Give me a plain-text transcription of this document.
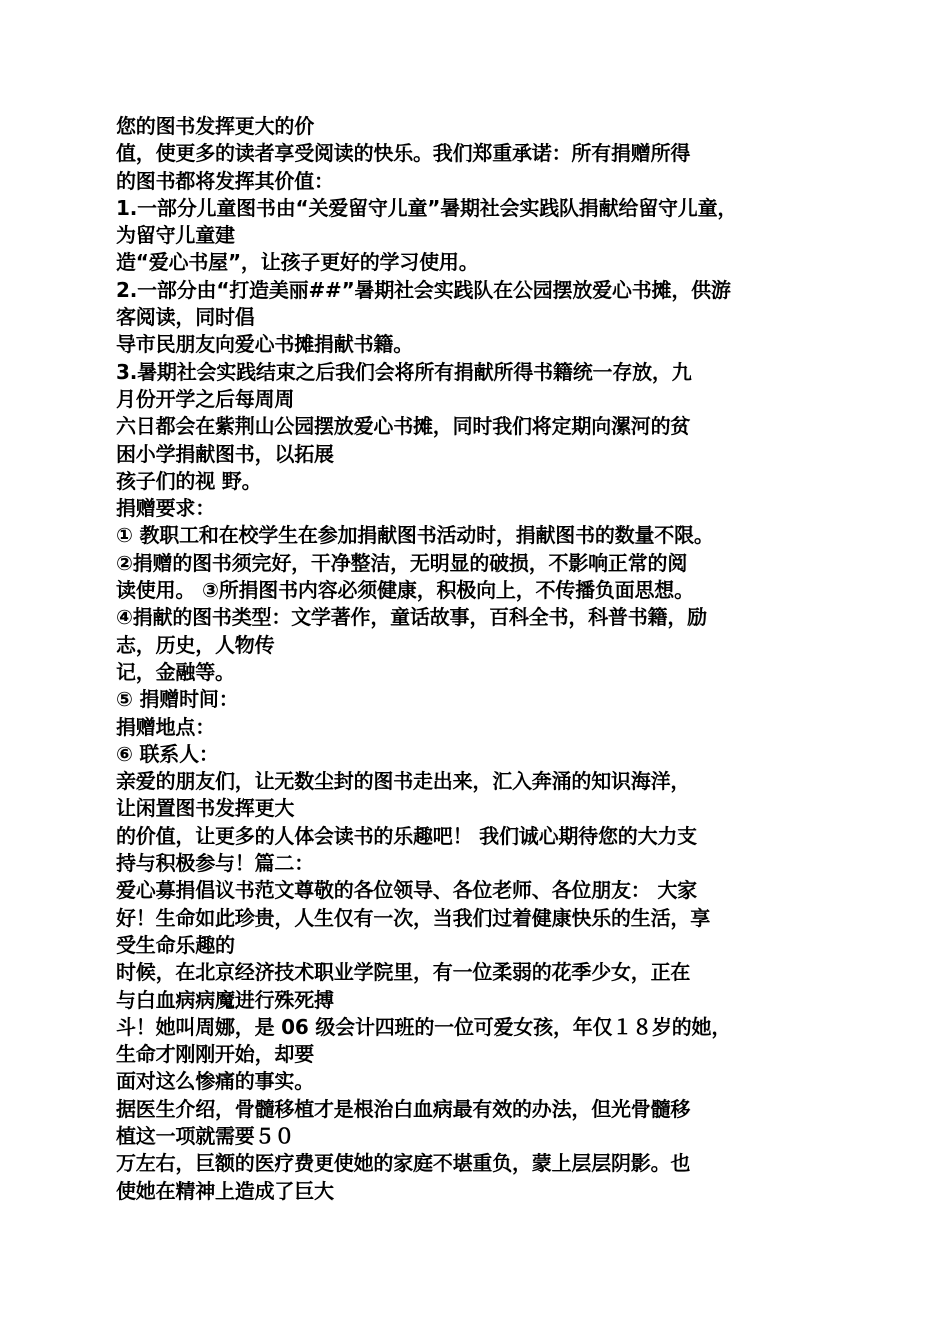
您的图书发挥更大的价
值，使更多的读者享受阅读的快乐。我们郑重承诺：所有捐赠所得
的图书都将发挥其价值：
1.一部分儿童图书由“关爱留守儿童”暑期社会实践队捐献给留守儿童，
为留守儿童建
造“爱心书屋”，让孩子更好的学习使用。
2.一部分由“打造美丽##”暑期社会实践队在公园摆放爱心书摊，供游
客阅读，同时倡
导市民朋友向爱心书摊捐献书籍。
3.暑期社会实践结束之后我们会将所有捐献所得书籍统一存放，九
月份开学之后每周周
六日都会在紫荆山公园摆放爱心书摊，同时我们将定期向漯河的贫
困小学捐献图书，以拓展
孩子们的视 野。
捐赠要求：
① 教职工和在校学生在参加捐献图书活动时，捐献图书的数量不限。
②捐赠的图书须完好，干净整洁，无明显的破损，不影响正常的阅
读使用。 ③所捐图书内容必须健康，积极向上，不传播负面思想。
④捐献的图书类型：文学著作，童话故事，百科全书，科普书籍，励
志，历史，人物传
记，金融等。
⑤ 捐赠时间：
捐赠地点：
⑥ 联系人：
亲爱的朋友们，让无数尘封的图书走出来，汇入奔涌的知识海洋，
让闲置图书发挥更大
的价值，让更多的人体会读书的乐趣吧！ 我们诚心期待您的大力支
持与积极参与！篇二：
爱心募捐倡议书范文尊敬的各位领导、各位老师、各位朋友： 大家
好！生命如此珍贵，人生仅有一次，当我们过着健康快乐的生活，享
受生命乐趣的
时候，在北京经济技术职业学院里，有一位柔弱的花季少女，正在
与白血病病魔进行殊死搏
斗！她叫周娜，是 06 级会计四班的一位可爱女孩，年仅１８岁的她，
生命才刚刚开始，却要
面对这么惨痛的事实。
据医生介绍，骨髓移植才是根治白血病最有效的办法，但光骨髓移
植这一项就需要５０
万左右，巨额的医疗费更使她的家庭不堪重负，蒙上层层阴影。也
使她在精神上造成了巨大
